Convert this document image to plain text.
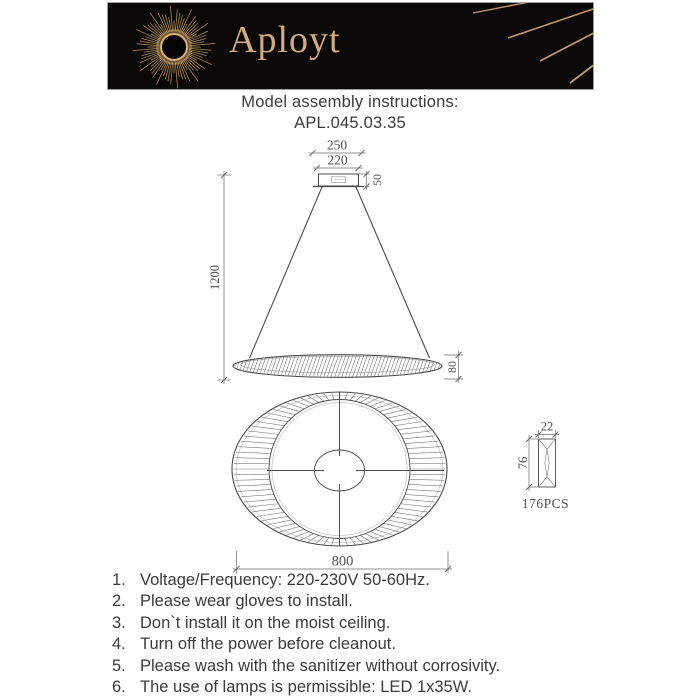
Aployt
Model assembly instructions:
APL.045.03.35
250
220
50
1200
80
800
22
76
176PCS
1. Voltage/Frequency: 220-230V 50-60Hz.
2. Please wear gloves to install.
3. Don`t install it on the moist ceiling.
4. Turn off the power before cleanout.
5. Please wash with the sanitizer without corrosivity.
6. The use of lamps is permissible: LED 1x35W.
